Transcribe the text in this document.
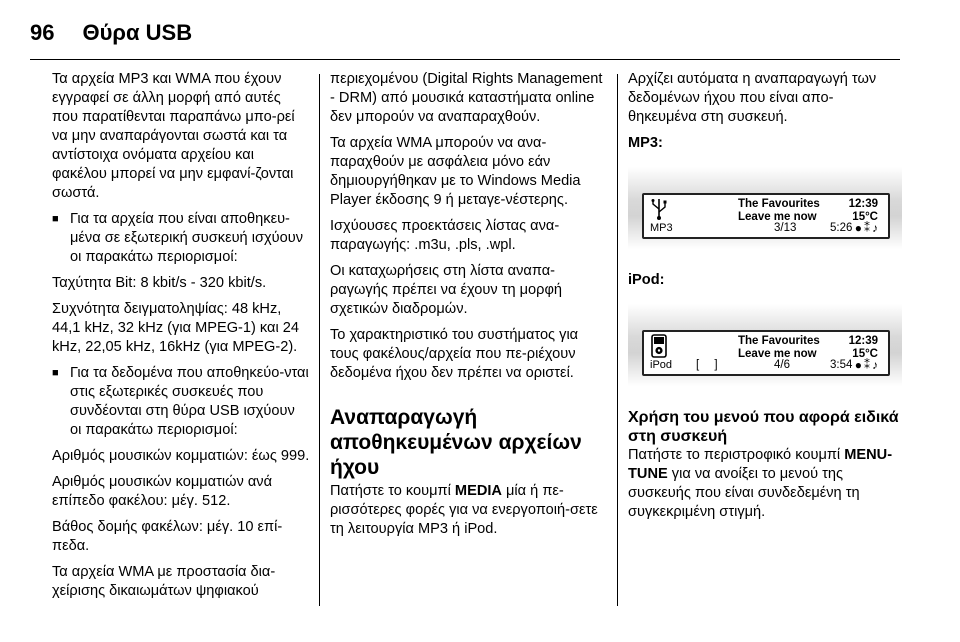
96 Θύρα USB

Τα αρχεία MP3 και WMA που έχουν εγγραφεί σε άλλη μορφή από αυτές που παρατίθενται παραπάνω μπο-ρεί να μην αναπαράγονται σωστά και τα αντίστοιχα ονόματα αρχείου και φακέλου μπορεί να μην εμφανί-ζονται σωστά.

■ Για τα αρχεία που είναι αποθηκευ-μένα σε εξωτερική συσκευή ισχύουν οι παρακάτω περιορισμοί:

Ταχύτητα Bit: 8 kbit/s - 320 kbit/s.

Συχνότητα δειγματοληψίας: 48 kHz, 44,1 kHz, 32 kHz (για MPEG-1) και 24 kHz, 22,05 kHz, 16kHz (για MPEG-2).

■ Για τα δεδομένα που αποθηκεύο-νται στις εξωτερικές συσκευές που συνδέονται στη θύρα USB ισχύουν οι παρακάτω περιορισμοί:

Αριθμός μουσικών κομματιών: έως 999.

Αριθμός μουσικών κομματιών ανά επίπεδο φακέλου: μέγ. 512.

Βάθος δομής φακέλων: μέγ. 10 επί-πεδα.

Τα αρχεία WMA με προστασία δια-χείρισης δικαιωμάτων ψηφιακού

περιεχομένου (Digital Rights Management - DRM) από μουσικά καταστήματα online δεν μπορούν να αναπαραχθούν.

Τα αρχεία WMA μπορούν να ανα-παραχθούν με ασφάλεια μόνο εάν δημιουργήθηκαν με το Windows Media Player έκδοσης 9 ή μεταγε-νέστερης.

Ισχύουσες προεκτάσεις λίστας ανα-παραγωγής: .m3u, .pls, .wpl.

Οι καταχωρήσεις στη λίστα αναπα-ραγωγής πρέπει να έχουν τη μορφή σχετικών διαδρομών.

Το χαρακτηριστικό του συστήματος για τους φακέλους/αρχεία που πε-ριέχουν δεδομένα ήχου δεν πρέπει να οριστεί.

Αναπαραγωγή αποθηκευμένων αρχείων ήχου

Πατήστε το κουμπί MEDIA μία ή πε-ρισσότερες φορές για να ενεργοποιή-σετε τη λειτουργία MP3 ή iPod.

Αρχίζει αυτόματα η αναπαραγωγή των δεδομένων ήχου που είναι απο-θηκευμένα στη συσκευή.

MP3:

MP3
The Favourites
Leave me now
12:39
15°C
3/13	5:26 ●⁑♪

iPod:

iPod [ ]
The Favourites
Leave me now
12:39
15°C
4/6	3:54 ●⁑♪
Χρήση του μενού που αφορά ειδικά στη συσκευή

Πατήστε το περιστροφικό κουμπί MENU-TUNE για να ανοίξει το μενού της συσκευής που είναι συνδεδεμένη τη συγκεκριμένη στιγμή.
